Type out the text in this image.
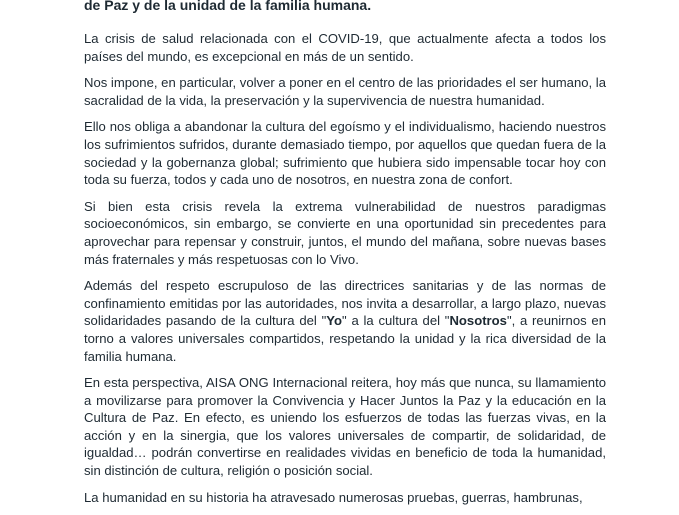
de Paz y de la unidad de la familia humana.

La crisis de salud relacionada con el COVID-19, que actualmente afecta a todos los países del mundo, es excepcional en más de un sentido.

Nos impone, en particular, volver a poner en el centro de las prioridades el ser humano, la sacralidad de la vida, la preservación y la supervivencia de nuestra humanidad.

Ello nos obliga a abandonar la cultura del egoísmo y el individualismo, haciendo nuestros los sufrimientos sufridos, durante demasiado tiempo, por aquellos que quedan fuera de la sociedad y la gobernanza global; sufrimiento que hubiera sido impensable tocar hoy con toda su fuerza, todos y cada uno de nosotros, en nuestra zona de confort.

Si bien esta crisis revela la extrema vulnerabilidad de nuestros paradigmas socioeconómicos, sin embargo, se convierte en una oportunidad sin precedentes para aprovechar para repensar y construir, juntos, el mundo del mañana, sobre nuevas bases más fraternales y más respetuosas con lo Vivo.

Además del respeto escrupuloso de las directrices sanitarias y de las normas de confinamiento emitidas por las autoridades, nos invita a desarrollar, a largo plazo, nuevas solidaridades pasando de la cultura del "Yo" a la cultura del "Nosotros", a reunirnos en torno a valores universales compartidos, respetando la unidad y la rica diversidad de la familia humana.

En esta perspectiva, AISA ONG Internacional reitera, hoy más que nunca, su llamamiento a movilizarse para promover la Convivencia y Hacer Juntos la Paz y la educación en la Cultura de Paz. En efecto, es uniendo los esfuerzos de todas las fuerzas vivas, en la acción y en la sinergia, que los valores universales de compartir, de solidaridad, de igualdad… podrán convertirse en realidades vividas en beneficio de toda la humanidad, sin distinción de cultura, religión o posición social.

La humanidad en su historia ha atravesado numerosas pruebas, guerras, hambrunas,
